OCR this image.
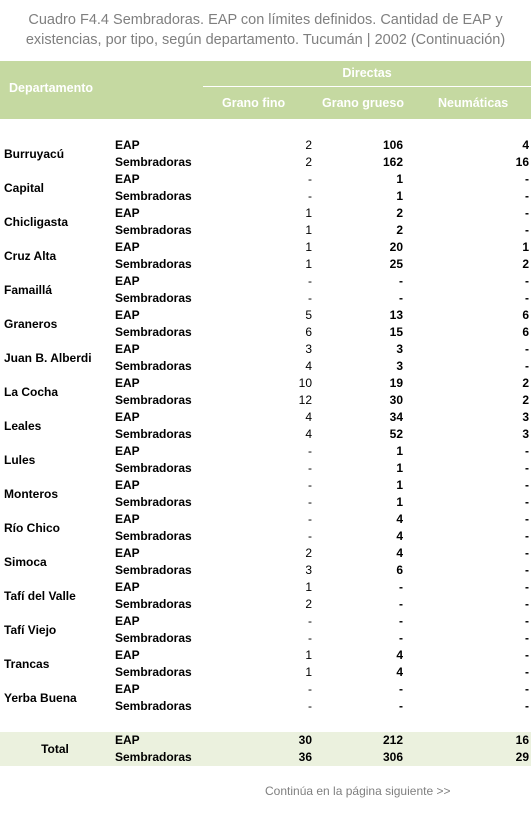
Cuadro F4.4 Sembradoras. EAP con límites definidos. Cantidad de EAP y
existencias, por tipo, según departamento. Tucumán | 2002 (Continuación)
Departamento
Directas
Grano fino	Grano grueso	Neumáticas
Burruyacú	EAP	2	106	4
	Sembradoras	2	162	16
Capital	EAP	-	1	-
	Sembradoras	-	1	-
Chicligasta	EAP	1	2	-
	Sembradoras	1	2	-
Cruz Alta	EAP	1	20	1
	Sembradoras	1	25	2
Famaillá	EAP	-	-	-
	Sembradoras	-	-	-
Graneros	EAP	5	13	6
	Sembradoras	6	15	6
Juan B. Alberdi	EAP	3	3	-
	Sembradoras	4	3	-
La Cocha	EAP	10	19	2
	Sembradoras	12	30	2
Leales	EAP	4	34	3
	Sembradoras	4	52	3
Lules	EAP	-	1	-
	Sembradoras	-	1	-
Monteros	EAP	-	1	-
	Sembradoras	-	1	-
Río Chico	EAP	-	4	-
	Sembradoras	-	4	-
Simoca	EAP	2	4	-
	Sembradoras	3	6	-
Tafí del Valle	EAP	1	-	-
	Sembradoras	2	-	-
Tafí Viejo	EAP	-	-	-
	Sembradoras	-	-	-
Trancas	EAP	1	4	-
	Sembradoras	1	4	-
Yerba Buena	EAP	-	-	-
	Sembradoras	-	-	-
Total	EAP	30	212	16
	Sembradoras	36	306	29
Continúa en la página siguiente >>
